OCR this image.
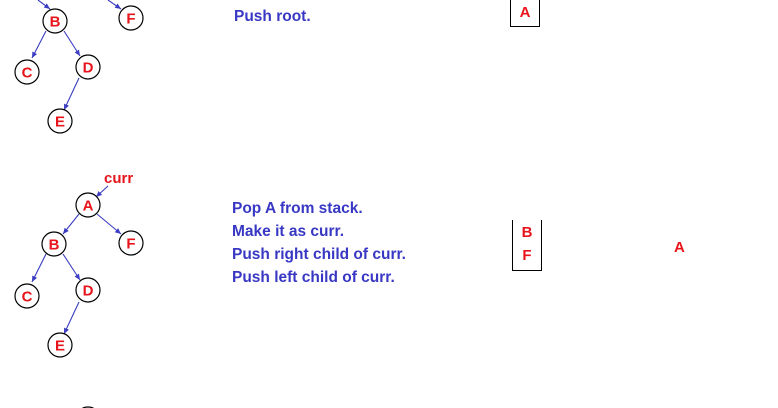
B	F
C	D
E
curr
A
B	F
C	D
E
Push root.	A
Pop A from stack.
Make it as curr.
Push right child of curr.
Push left child of curr.
B
F	A
